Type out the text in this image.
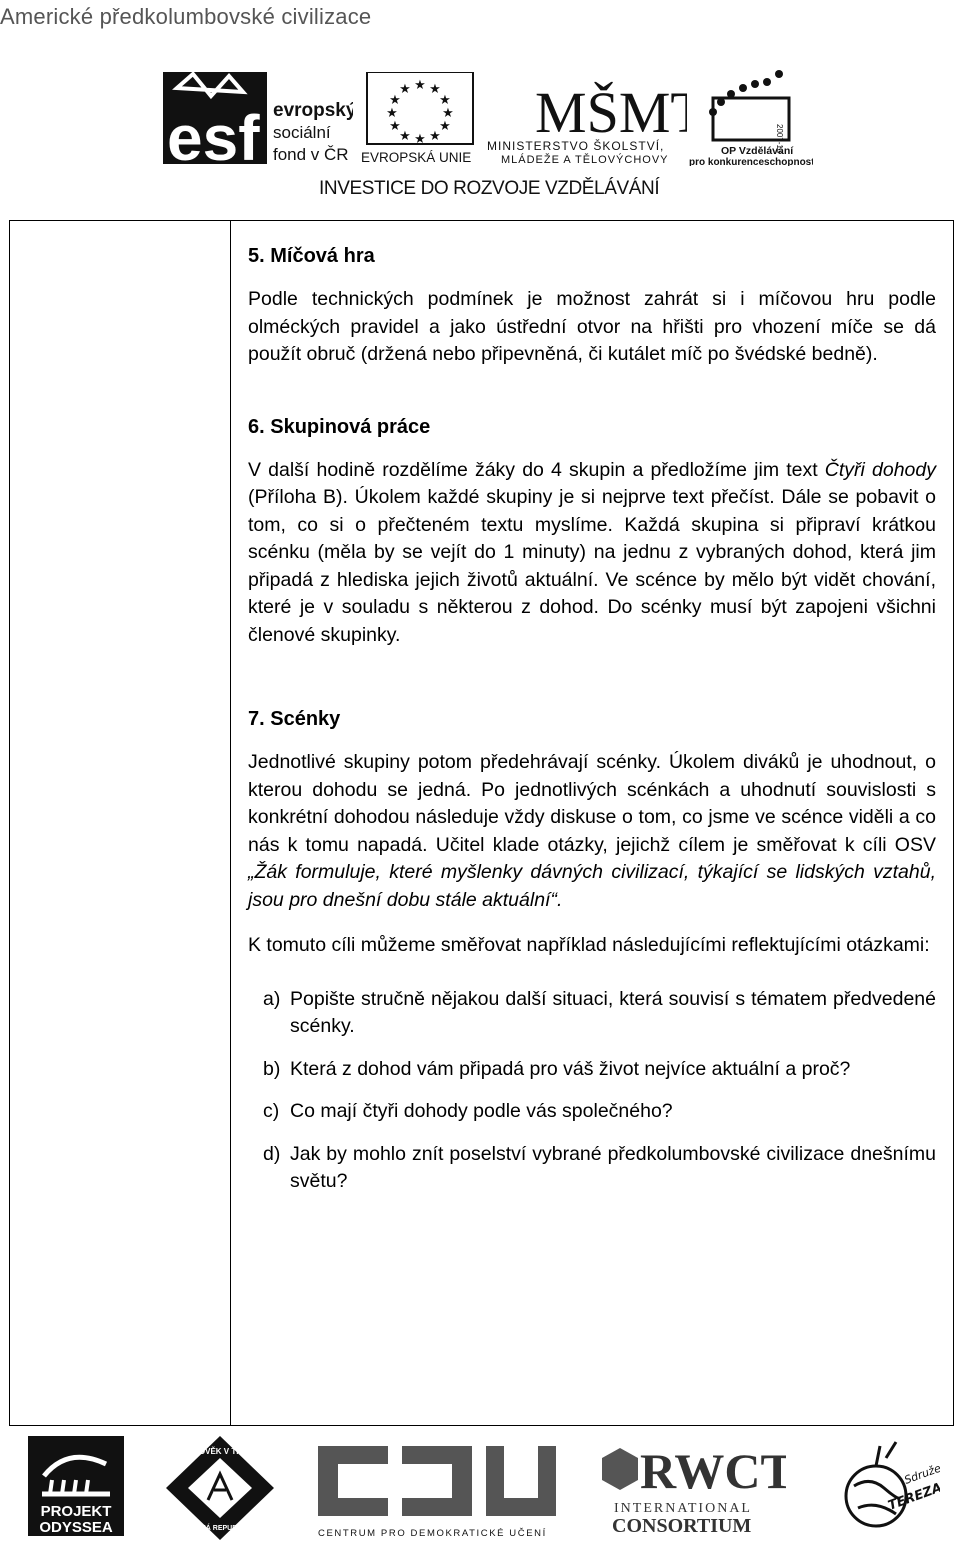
Americké předkolumbovské civilizace
esf evropský
sociální
fond v ČR
★ ★
★
★
★
★
★
★
★
★
★
★
EVROPSKÁ UNIE
MŠM
MINISTERSTVO ŠKOLSTVÍ,
MLÁDEŽE A TĚLOVÝCHOVY
2007-13
OP Vzdělávání
pro konkurenceschopnost
INVESTICE DO ROZVOJE VZDĚLÁVÁNÍ
5. Míčová hra

Podle technických podmínek je možnost zahrát si i míčovou hru podle olméckých pravidel a jako ústřední otvor na hřišti pro vhození míče se dá použít obruč (držená nebo připevněná, či kutálet míč po švédské bedně).

6. Skupinová práce

V další hodině rozdělíme žáky do 4 skupin a předložíme jim text Čtyři dohody (Příloha B). Úkolem každé skupiny je si nejprve text přečíst. Dále se pobavit o tom, co si o přečteném textu myslíme. Každá skupina si připraví krátkou scénku (měla by se vejít do 1 minuty) na jednu z vybraných dohod, která jim připadá z hlediska jejich životů aktuální. Ve scénce by mělo být vidět chování, které je v souladu s některou z dohod. Do scénky musí být zapojeni všichni členové skupinky.

7. Scénky

Jednotlivé skupiny potom předehrávají scénky. Úkolem diváků je uhodnout, o kterou dohodu se jedná. Po jednotlivých scénkách a uhodnutí souvislosti s konkrétní dohodou následuje vždy diskuse o tom, co jsme ve scénce viděli a co nás k tomu napadá. Učitel klade otázky, jejichž cílem je směřovat k cíli OSV „Žák formuluje, které myšlenky dávných civilizací, týkající se lidských vztahů, jsou pro dnešní dobu stále aktuální“.

K tomuto cíli můžeme směřovat například následujícími reflektujícími otázkami:

a) Popište stručně nějakou další situaci, která souvisí s tématem předvedené scénky.
b) Která z dohod vám připadá pro váš život nejvíce aktuální a proč?
c) Co mají čtyři dohody podle vás společného?
d) Jak by mohlo znít poselství vybrané předkolumbovské civilizace dnešnímu světu?
PROJEKT
ODYSSEA
ČLOVĚK V TÍSNI
ČESKÁ REPUBLIKA	CENTRUM PRO DEMOKRATICKÉ UČENÍ
RWCT
INTERNATIONAL
CONSORTIUM
Sdružení
TEREZA
